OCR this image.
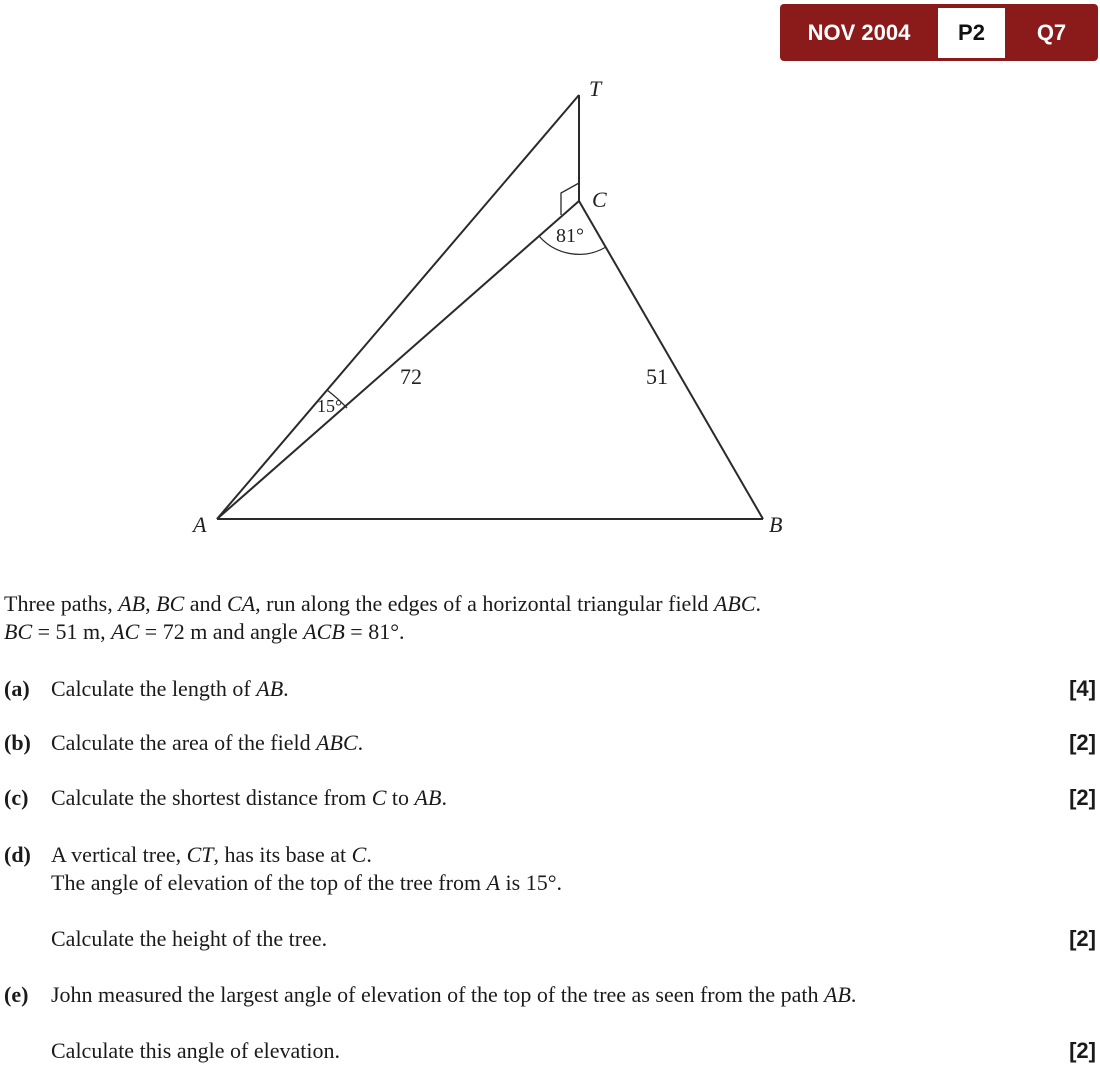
NOV 2004	P2	Q7
T
C
A	B
81°
15°
72	51
Three paths, AB, BC and CA, run along the edges of a horizontal triangular field ABC.
BC = 51 m, AC = 72 m and angle ACB = 81°.
(a) Calculate the length of AB.	[4]
(b) Calculate the area of the field ABC.	[2]
(c) Calculate the shortest distance from C to AB.	[2]
(d) A vertical tree, CT, has its base at C.
The angle of elevation of the top of the tree from A is 15°.
Calculate the height of the tree.	[2]
(e) John measured the largest angle of elevation of the top of the tree as seen from the path AB.
Calculate this angle of elevation.	[2]
